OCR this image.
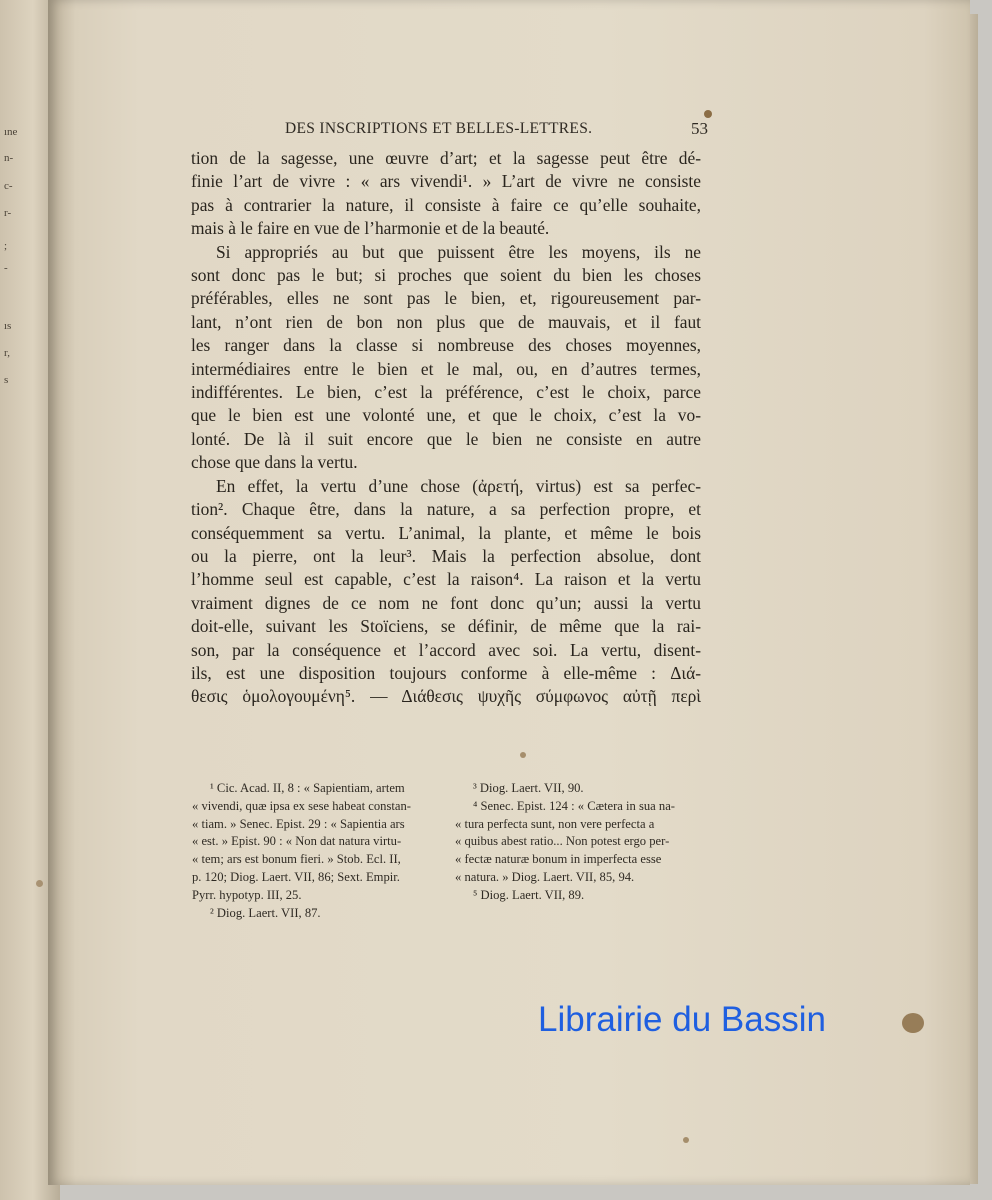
ıne
n-
c-
r-
;
-
ıs
r,
s
DES INSCRIPTIONS ET BELLES-LETTRES.	53
tion de la sagesse, une œuvre d’art; et la sagesse peut être dé-
finie l’art de vivre : « ars vivendi¹. » L’art de vivre ne consiste
pas à contrarier la nature, il consiste à faire ce qu’elle souhaite,
mais à le faire en vue de l’harmonie et de la beauté.
Si appropriés au but que puissent être les moyens, ils ne
sont donc pas le but; si proches que soient du bien les choses
préférables, elles ne sont pas le bien, et, rigoureusement par-
lant, n’ont rien de bon non plus que de mauvais, et il faut
les ranger dans la classe si nombreuse des choses moyennes,
intermédiaires entre le bien et le mal, ou, en d’autres termes,
indifférentes. Le bien, c’est la préférence, c’est le choix, parce
que le bien est une volonté une, et que le choix, c’est la vo-
lonté. De là il suit encore que le bien ne consiste en autre
chose que dans la vertu.
En effet, la vertu d’une chose (ἀρετή, virtus) est sa perfec-
tion². Chaque être, dans la nature, a sa perfection propre, et
conséquemment sa vertu. L’animal, la plante, et même le bois
ou la pierre, ont la leur³. Mais la perfection absolue, dont
l’homme seul est capable, c’est la raison⁴. La raison et la vertu
vraiment dignes de ce nom ne font donc qu’un; aussi la vertu
doit-elle, suivant les Stoïciens, se définir, de même que la rai-
son, par la conséquence et l’accord avec soi. La vertu, disent-
ils, est une disposition toujours conforme à elle-même : Διά-
θεσις ὁμολογουμένη⁵. — Διάθεσις ψυχῆς σύμφωνος αὐτῇ περὶ
¹ Cic. Acad. II, 8 : « Sapientiam, artem
« vivendi, quæ ipsa ex sese habeat constan-
« tiam. » Senec. Epist. 29 : « Sapientia ars
« est. » Epist. 90 : « Non dat natura virtu-
« tem; ars est bonum fieri. » Stob. Ecl. II,
p. 120; Diog. Laert. VII, 86; Sext. Empir.
Pyrr. hypotyp. III, 25.
² Diog. Laert. VII, 87.
³ Diog. Laert. VII, 90.
⁴ Senec. Epist. 124 : « Cætera in sua na-
« tura perfecta sunt, non vere perfecta a
« quibus abest ratio... Non potest ergo per-
« fectæ naturæ bonum in imperfecta esse
« natura. » Diog. Laert. VII, 85, 94.
⁵ Diog. Laert. VII, 89.
Librairie du Bassin
